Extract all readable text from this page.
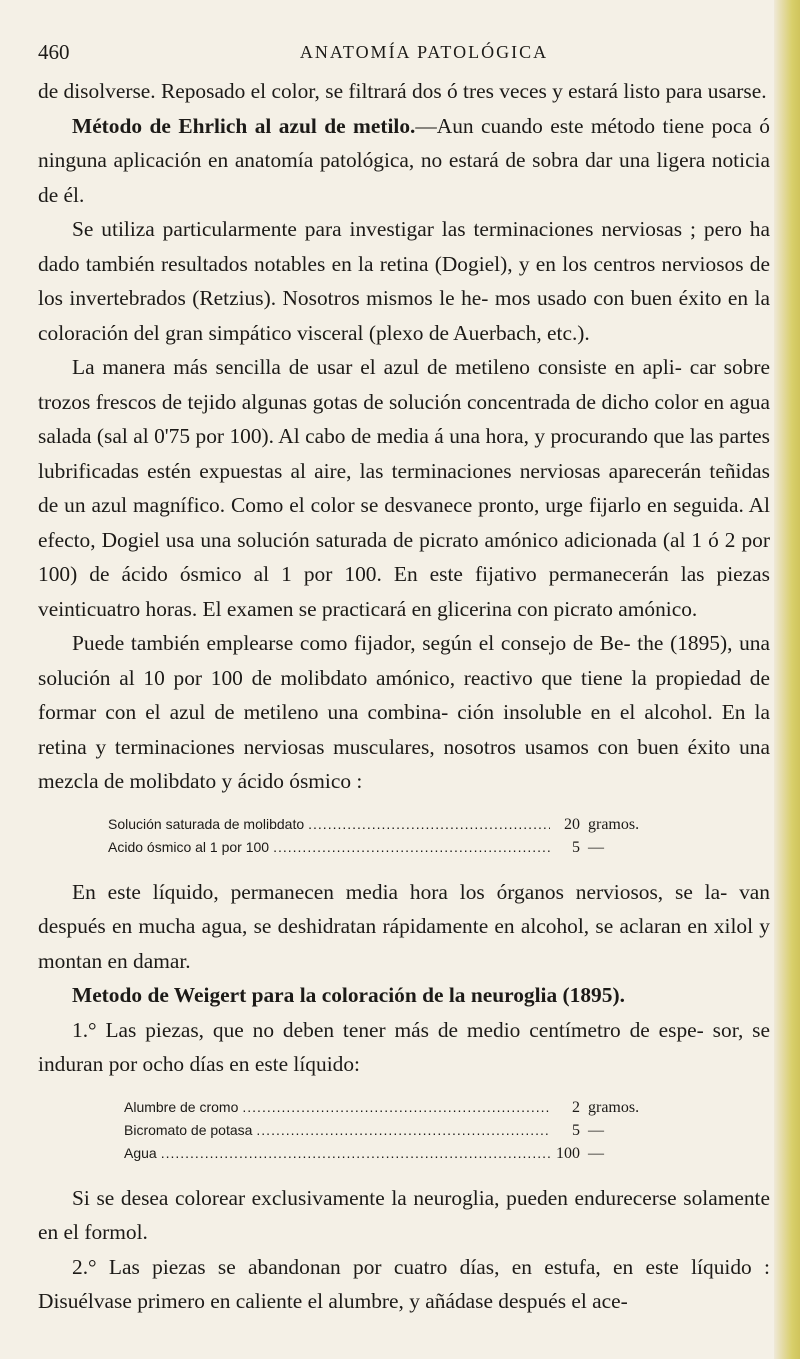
460	ANATOMÍA PATOLÓGICA

de disolverse. Reposado el color, se filtrará dos ó tres veces y estará listo para usarse.

Método de Ehrlich al azul de metilo.—Aun cuando este método tiene poca ó ninguna aplicación en anatomía patológica, no estará de sobra dar una ligera noticia de él.

Se utiliza particularmente para investigar las terminaciones nerviosas ; pero ha dado también resultados notables en la retina (Dogiel), y en los centros nerviosos de los invertebrados (Retzius). Nosotros mismos le he- mos usado con buen éxito en la coloración del gran simpático visceral (plexo de Auerbach, etc.).

La manera más sencilla de usar el azul de metileno consiste en apli- car sobre trozos frescos de tejido algunas gotas de solución concentrada de dicho color en agua salada (sal al 0'75 por 100). Al cabo de media á una hora, y procurando que las partes lubrificadas estén expuestas al aire, las terminaciones nerviosas aparecerán teñidas de un azul magnífico. Como el color se desvanece pronto, urge fijarlo en seguida. Al efecto, Dogiel usa una solución saturada de picrato amónico adicionada (al 1 ó 2 por 100) de ácido ósmico al 1 por 100. En este fijativo permanecerán las piezas veinticuatro horas. El examen se practicará en glicerina con picrato amónico.

Puede también emplearse como fijador, según el consejo de Be- the (1895), una solución al 10 por 100 de molibdato amónico, reactivo que tiene la propiedad de formar con el azul de metileno una combina- ción insoluble en el alcohol. En la retina y terminaciones nerviosas musculares, nosotros usamos con buen éxito una mezcla de molibdato y ácido ósmico :

Solución saturada de molibdato .....	20 gramos.
Acido ósmico al 1 por 100 .....	5 —

En este líquido, permanecen media hora los órganos nerviosos, se la- van después en mucha agua, se deshidratan rápidamente en alcohol, se aclaran en xilol y montan en damar.

Metodo de Weigert para la coloración de la neuroglia (1895).

1.° Las piezas, que no deben tener más de medio centímetro de espe- sor, se induran por ocho días en este líquido:

Alumbre de cromo .....	2 gramos.
Bicromato de potasa .....	5 —
Agua .....	100 —

Si se desea colorear exclusivamente la neuroglia, pueden endurecerse solamente en el formol.

2.° Las piezas se abandonan por cuatro días, en estufa, en este líquido : Disuélvase primero en caliente el alumbre, y añádase después el ace-
